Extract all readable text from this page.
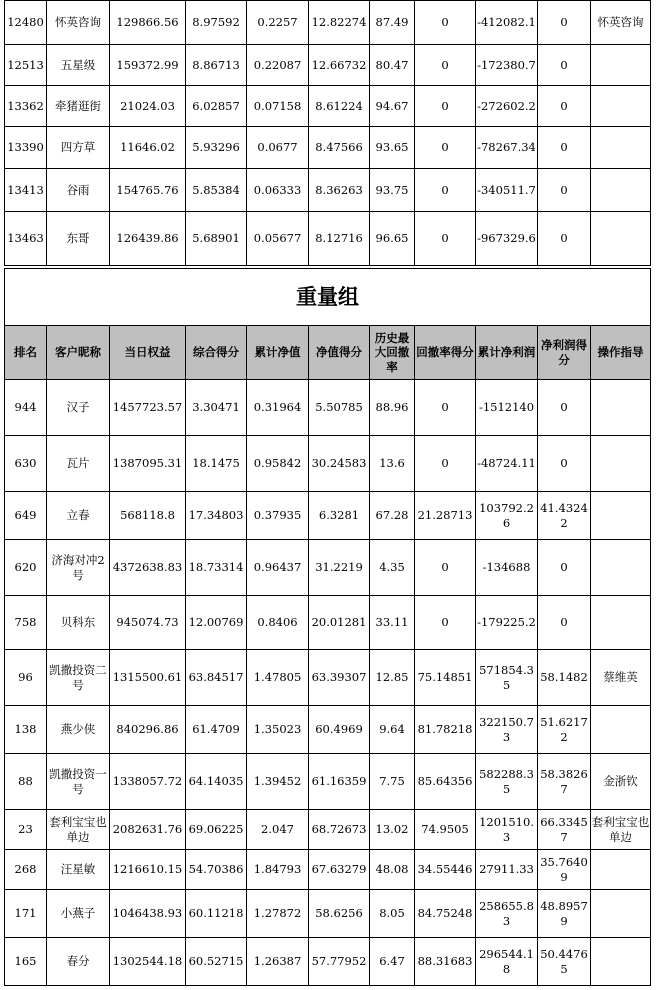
12480	怀英咨询	129866.56	8.97592	0.2257	12.82274	87.49	0	-412082.1	0	怀英咨询
12513	五星级	159372.99	8.86713	0.22087	12.66732	80.47	0	-172380.7	0	
13362	牵猪逛街	21024.03	6.02857	0.07158	8.61224	94.67	0	-272602.2	0	
13390	四方草	11646.02	5.93296	0.0677	8.47566	93.65	0	-78267.34	0	
13413	谷雨	154765.76	5.85384	0.06333	8.36263	93.75	0	-340511.7	0	
13463	东哥	126439.86	5.68901	0.05677	8.12716	96.65	0	-967329.6	0	
重量组										
排名	客户昵称	当日权益	综合得分	累计净值	净值得分	历史最大回撤率	回撤率得分	累计净利润	净利润得分	操作指导
944	汉子	1457723.57	3.30471	0.31964	5.50785	88.96	0	-1512140	0	
630	瓦片	1387095.31	18.1475	0.95842	30.24583	13.6	0	-48724.11	0	
649	立春	568118.8	17.34803	0.37935	6.3281	67.28	21.28713	103792.26	41.43242	
620	济海对冲2号	4372638.83	18.73314	0.96437	31.2219	4.35	0	-134688	0	
758	贝科东	945074.73	12.00769	0.8406	20.01281	33.11	0	-179225.2	0	
96	凯撒投资二号	1315500.61	63.84517	1.47805	63.39307	12.85	75.14851	571854.35	58.1482	蔡维英
138	燕少侠	840296.86	61.4709	1.35023	60.4969	9.64	81.78218	322150.73	51.62172	
88	凯撒投资一号	1338057.72	64.14035	1.39452	61.16359	7.75	85.64356	582288.35	58.38267	金浙钦
23	套利宝宝也单边	2082631.76	69.06225	2.047	68.72673	13.02	74.9505	1201510.3	66.33457	套利宝宝也单边
268	汪星敏	1216610.15	54.70386	1.84793	67.63279	48.08	34.55446	27911.33	35.76409	
171	小燕子	1046438.93	60.11218	1.27872	58.6256	8.05	84.75248	258655.83	48.89579	
165	春分	1302544.18	60.52715	1.26387	57.77952	6.47	88.31683	296544.18	50.44765	
